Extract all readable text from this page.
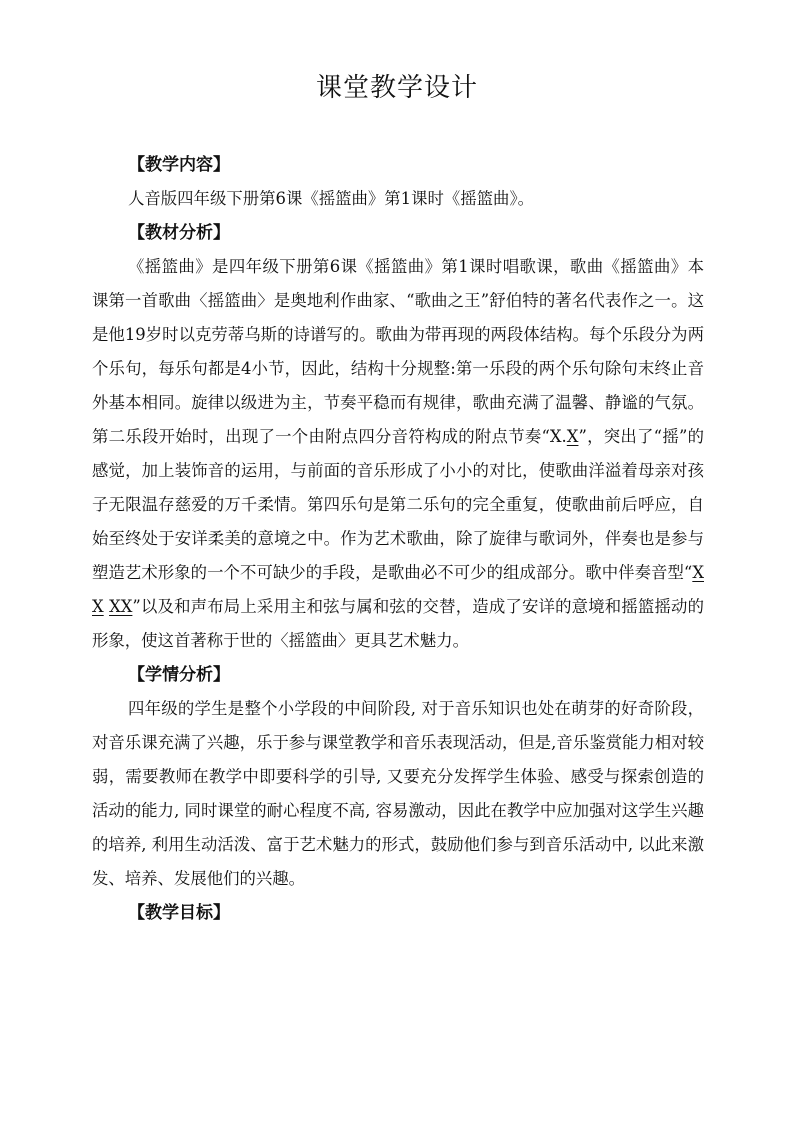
课堂教学设计
【教学内容】

人音版四年级下册第6课《摇篮曲》第1课时《摇篮曲》。

【教材分析】

《摇篮曲》是四年级下册第6课《摇篮曲》第1课时唱歌课，歌曲《摇篮曲》本课第一首歌曲〈摇篮曲〉是奥地利作曲家、“歌曲之王”舒伯特的著名代表作之一。这是他19岁时以克劳蒂乌斯的诗谱写的。歌曲为带再现的两段体结构。每个乐段分为两个乐句，每乐句都是4小节，因此，结构十分规整:第一乐段的两个乐句除句末终止音外基本相同。旋律以级进为主，节奏平稳而有规律，歌曲充满了温馨、静谧的气氛。第二乐段开始时，出现了一个由附点四分音符构成的附点节奏“X.X”，突出了“摇”的感觉，加上装饰音的运用，与前面的音乐形成了小小的对比，使歌曲洋溢着母亲对孩子无限温存慈爱的万千柔情。第四乐句是第二乐句的完全重复，使歌曲前后呼应，自始至终处于安详柔美的意境之中。作为艺术歌曲，除了旋律与歌词外，伴奏也是参与塑造艺术形象的一个不可缺少的手段，是歌曲必不可少的组成部分。歌中伴奏音型“XX XX”以及和声布局上采用主和弦与属和弦的交替，造成了安详的意境和摇篮摇动的形象，使这首著称于世的〈摇篮曲〉更具艺术魅力。

【学情分析】

四年级的学生是整个小学段的中间阶段, 对于音乐知识也处在萌芽的好奇阶段，对音乐课充满了兴趣，乐于参与课堂教学和音乐表现活动，但是,音乐鉴赏能力相对较弱，需要教师在教学中即要科学的引导, 又要充分发挥学生体验、感受与探索创造的活动的能力, 同时课堂的耐心程度不高, 容易激动，因此在教学中应加强对这学生兴趣的培养, 利用生动活泼、富于艺术魅力的形式，鼓励他们参与到音乐活动中, 以此来激发、培养、发展他们的兴趣。

【教学目标】
